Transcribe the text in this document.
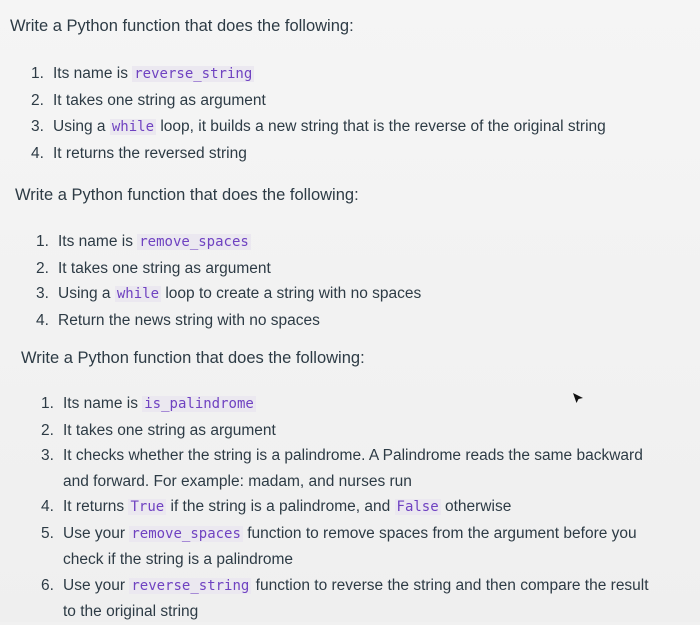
Write a Python function that does the following:
1. Its name is reverse_string
2. It takes one string as argument
3. Using a while loop, it builds a new string that is the reverse of the original string
4. It returns the reversed string
Write a Python function that does the following:
1. Its name is remove_spaces
2. It takes one string as argument
3. Using a while loop to create a string with no spaces
4. Return the news string with no spaces
Write a Python function that does the following:
1. Its name is is_palindrome
2. It takes one string as argument
3. It checks whether the string is a palindrome. A Palindrome reads the same backward
and forward. For example: madam, and nurses run
4. It returns True if the string is a palindrome, and False otherwise
5. Use your remove_spaces function to remove spaces from the argument before you
check if the string is a palindrome
6. Use your reverse_string function to reverse the string and then compare the result
to the original string
